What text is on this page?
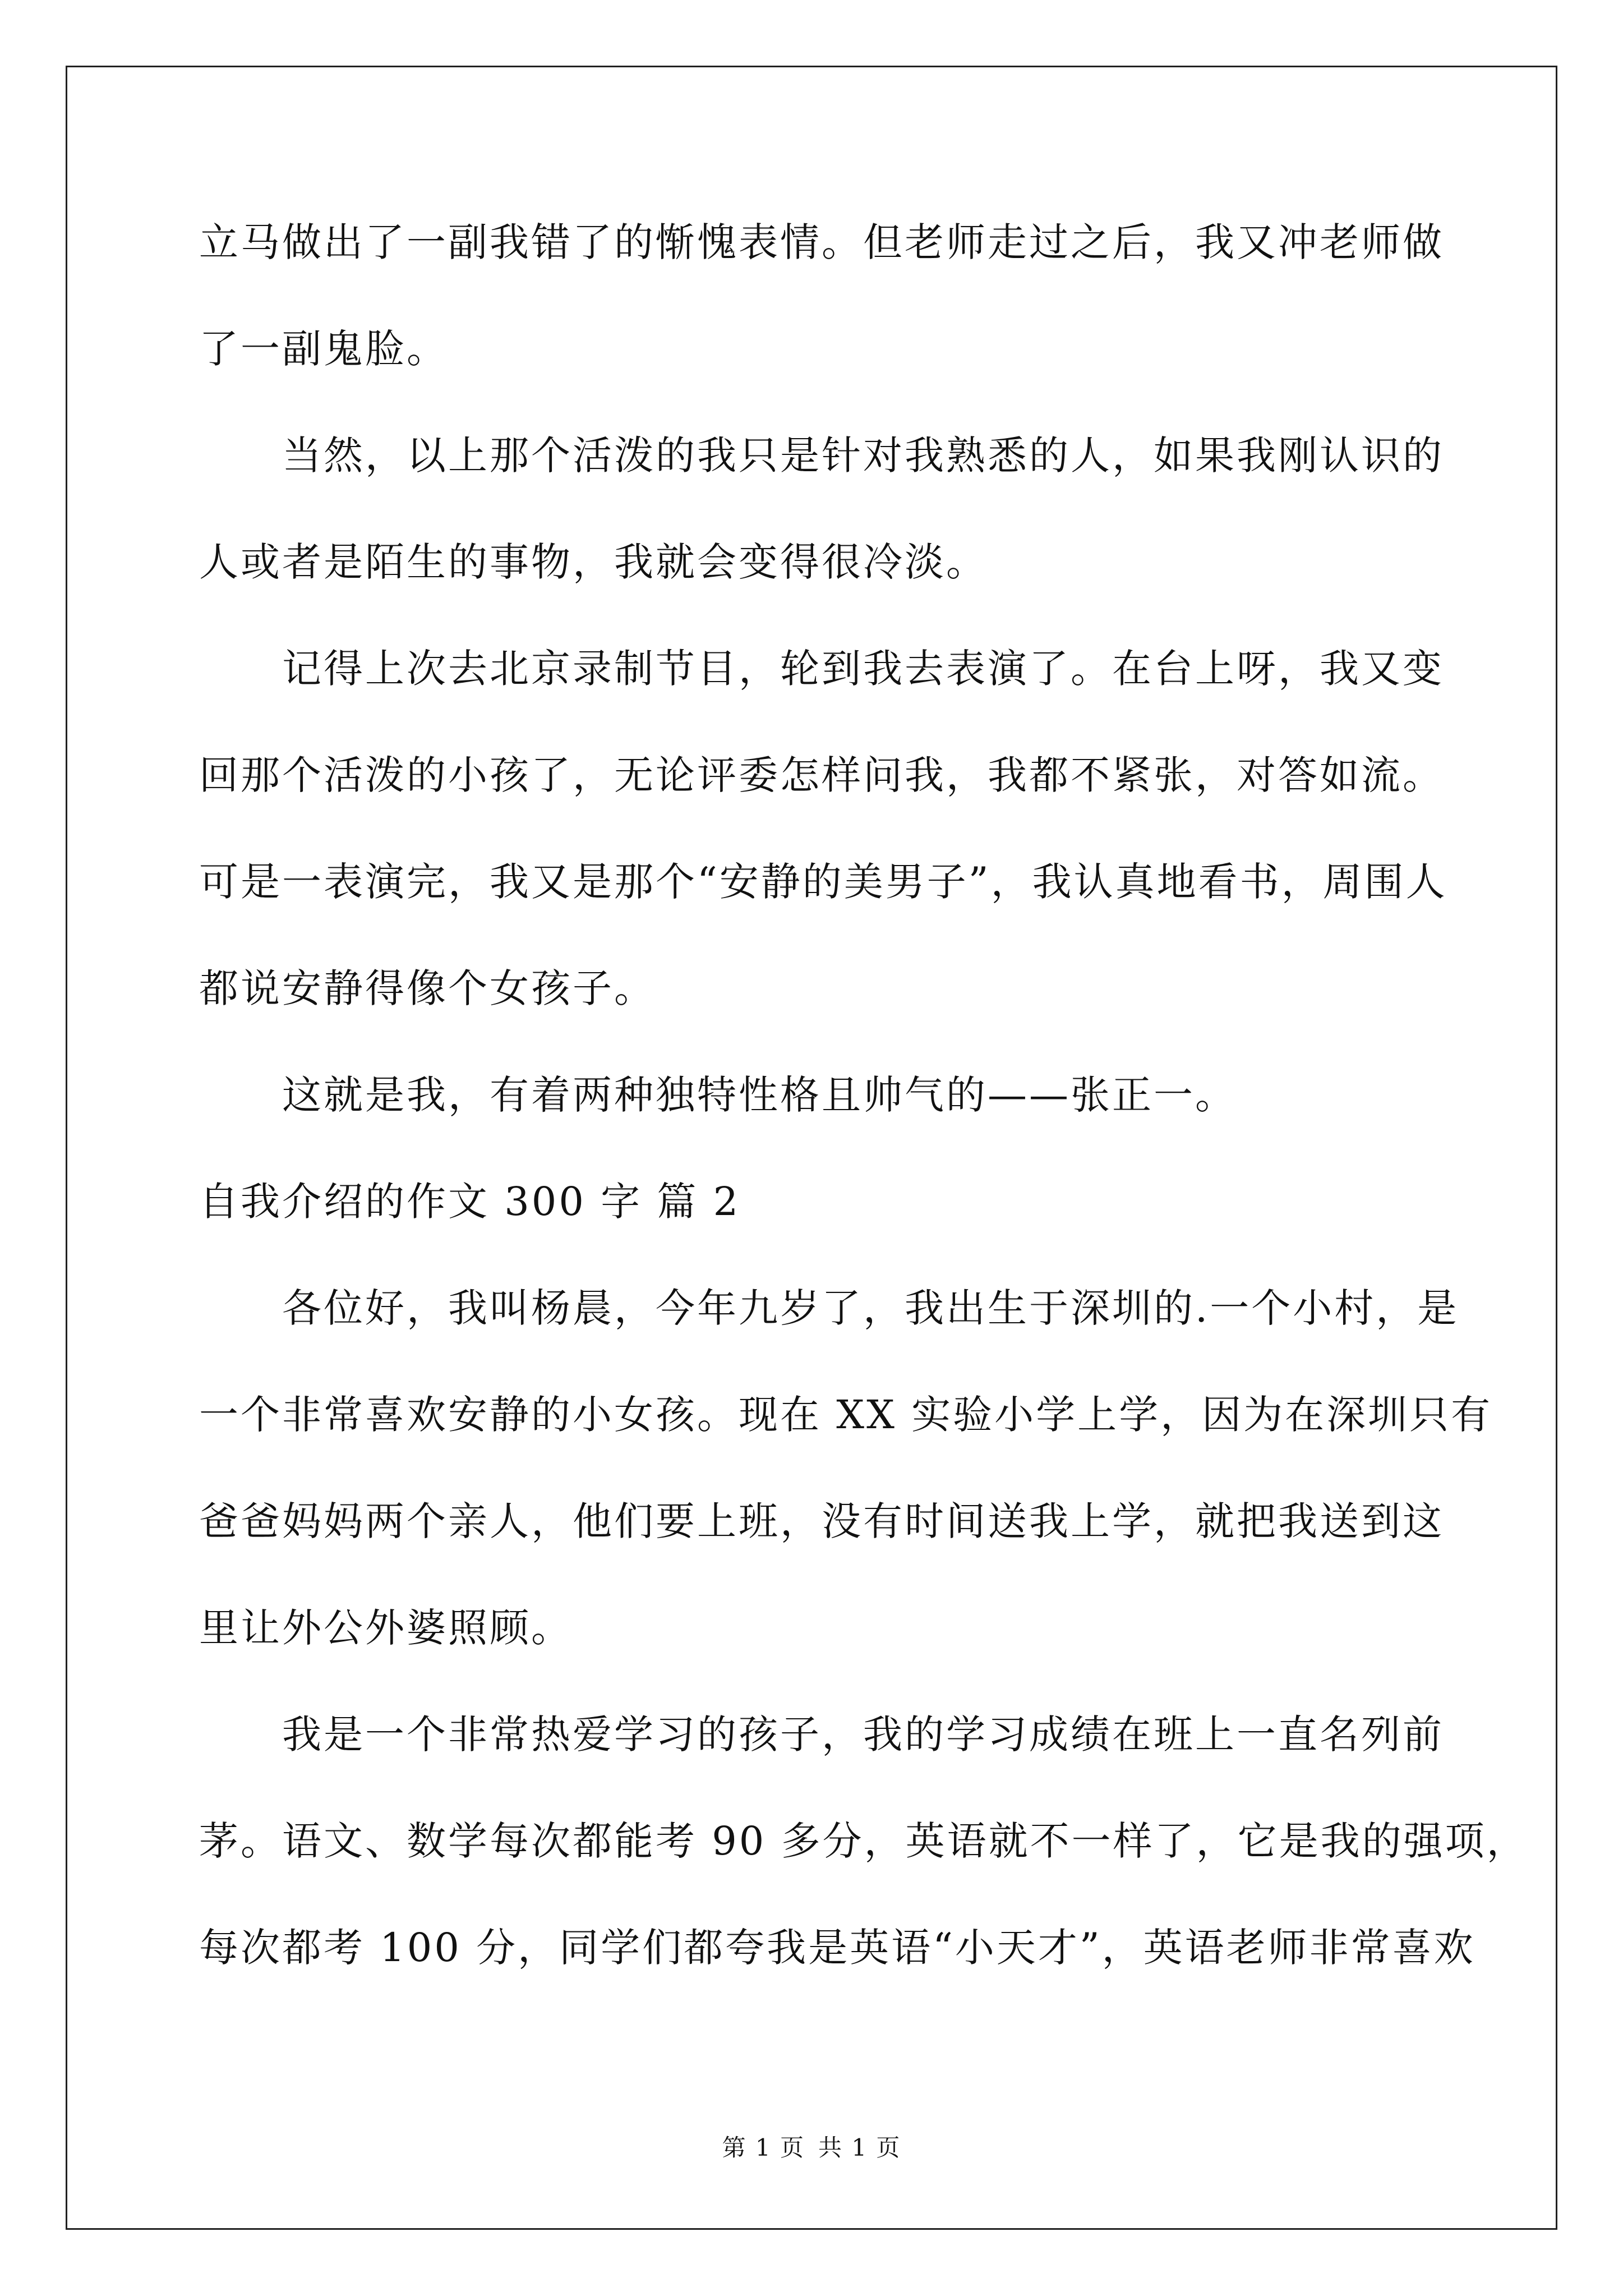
立马做出了一副我错了的惭愧表情。但老师走过之后，我又冲老师做
了一副鬼脸。
当然，以上那个活泼的我只是针对我熟悉的人，如果我刚认识的
人或者是陌生的事物，我就会变得很冷淡。
记得上次去北京录制节目，轮到我去表演了。在台上呀，我又变
回那个活泼的小孩了，无论评委怎样问我，我都不紧张，对答如流。
可是一表演完，我又是那个“安静的美男子”，我认真地看书，周围人
都说安静得像个女孩子。
这就是我，有着两种独特性格且帅气的——张正一。
自我介绍的作文 300 字 篇 2
各位好，我叫杨晨，今年九岁了，我出生于深圳的.一个小村，是
一个非常喜欢安静的小女孩。现在 XX 实验小学上学，因为在深圳只有
爸爸妈妈两个亲人，他们要上班，没有时间送我上学，就把我送到这
里让外公外婆照顾。
我是一个非常热爱学习的孩子，我的学习成绩在班上一直名列前
茅。语文、数学每次都能考 90 多分，英语就不一样了，它是我的强项，
每次都考 100 分，同学们都夸我是英语“小天才”，英语老师非常喜欢
第 1 页 共 1 页
